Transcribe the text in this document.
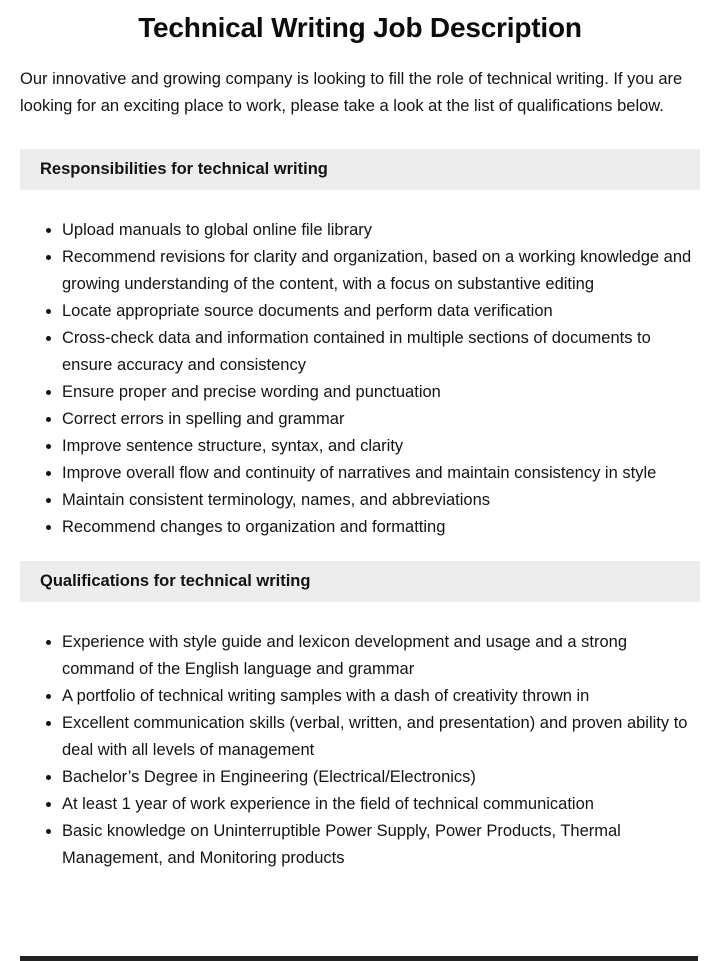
Technical Writing Job Description

Our innovative and growing company is looking to fill the role of technical writing. If you are looking for an exciting place to work, please take a look at the list of qualifications below.

Responsibilities for technical writing
• Upload manuals to global online file library
• Recommend revisions for clarity and organization, based on a working knowledge and growing understanding of the content, with a focus on substantive editing
• Locate appropriate source documents and perform data verification
• Cross-check data and information contained in multiple sections of documents to ensure accuracy and consistency
• Ensure proper and precise wording and punctuation
• Correct errors in spelling and grammar
• Improve sentence structure, syntax, and clarity
• Improve overall flow and continuity of narratives and maintain consistency in style
• Maintain consistent terminology, names, and abbreviations
• Recommend changes to organization and formatting
Qualifications for technical writing
• Experience with style guide and lexicon development and usage and a strong command of the English language and grammar
• A portfolio of technical writing samples with a dash of creativity thrown in
• Excellent communication skills (verbal, written, and presentation) and proven ability to deal with all levels of management
• Bachelor’s Degree in Engineering (Electrical/Electronics)
• At least 1 year of work experience in the field of technical communication
• Basic knowledge on Uninterruptible Power Supply, Power Products, Thermal Management, and Monitoring products
